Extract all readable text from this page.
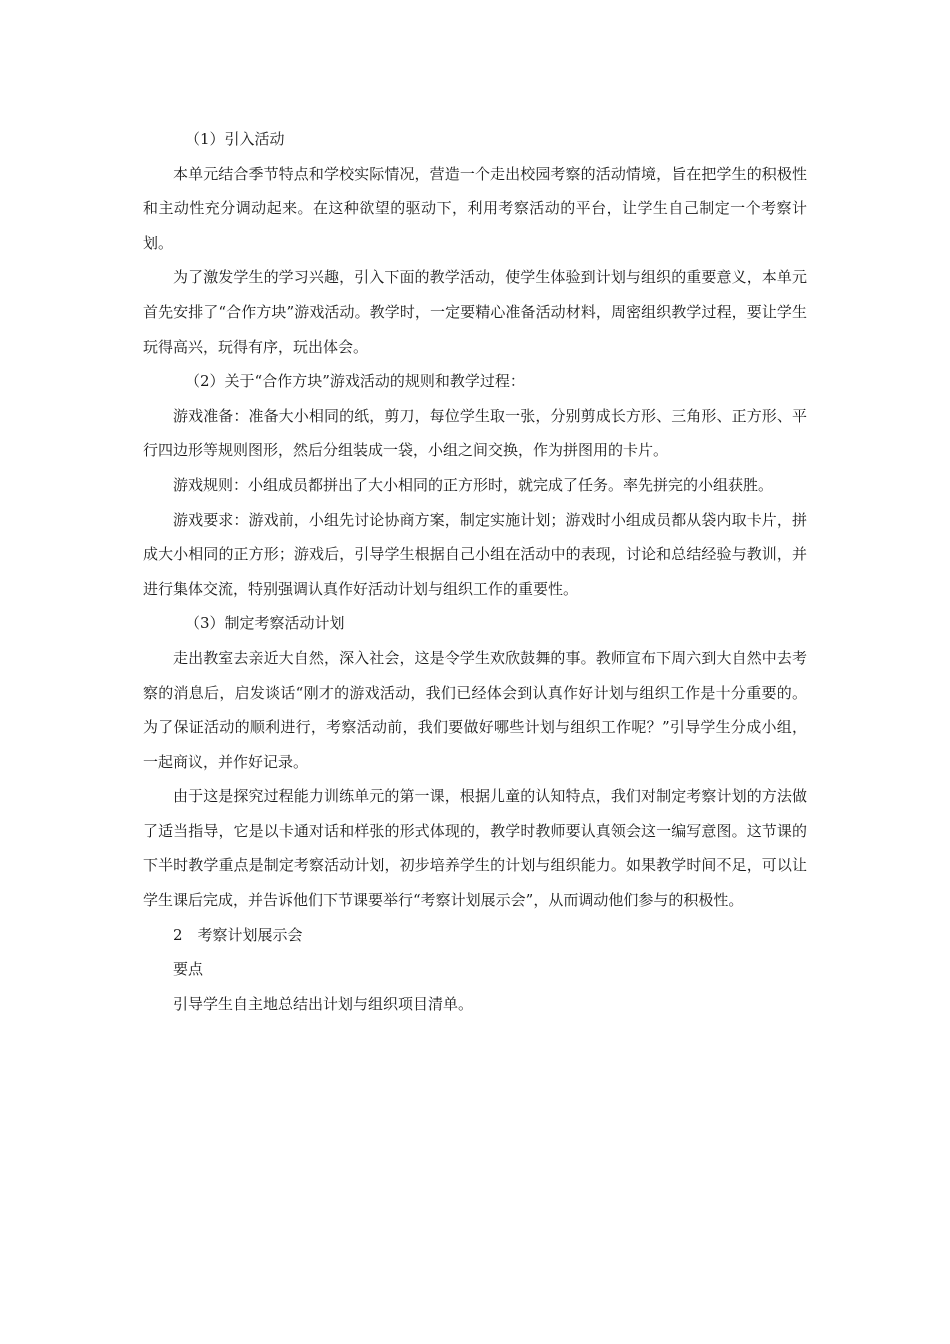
（1）引入活动

本单元结合季节特点和学校实际情况，营造一个走出校园考察的活动情境，旨在把学生的积极性和主动性充分调动起来。在这种欲望的驱动下，利用考察活动的平台，让学生自己制定一个考察计划。

为了激发学生的学习兴趣，引入下面的教学活动，使学生体验到计划与组织的重要意义，本单元首先安排了“合作方块”游戏活动。教学时，一定要精心准备活动材料，周密组织教学过程，要让学生玩得高兴，玩得有序，玩出体会。

（2）关于“合作方块”游戏活动的规则和教学过程：

游戏准备：准备大小相同的纸，剪刀，每位学生取一张，分别剪成长方形、三角形、正方形、平行四边形等规则图形，然后分组装成一袋，小组之间交换，作为拼图用的卡片。

游戏规则：小组成员都拼出了大小相同的正方形时，就完成了任务。率先拼完的小组获胜。

游戏要求：游戏前，小组先讨论协商方案，制定实施计划；游戏时小组成员都从袋内取卡片，拼成大小相同的正方形；游戏后，引导学生根据自己小组在活动中的表现，讨论和总结经验与教训，并进行集体交流，特别强调认真作好活动计划与组织工作的重要性。

（3）制定考察活动计划

走出教室去亲近大自然，深入社会，这是令学生欢欣鼓舞的事。教师宣布下周六到大自然中去考察的消息后，启发谈话“刚才的游戏活动，我们已经体会到认真作好计划与组织工作是十分重要的。为了保证活动的顺利进行，考察活动前，我们要做好哪些计划与组织工作呢？”引导学生分成小组，一起商议，并作好记录。

由于这是探究过程能力训练单元的第一课，根据儿童的认知特点，我们对制定考察计划的方法做了适当指导，它是以卡通对话和样张的形式体现的，教学时教师要认真领会这一编写意图。这节课的下半时教学重点是制定考察活动计划，初步培养学生的计划与组织能力。如果教学时间不足，可以让学生课后完成，并告诉他们下节课要举行“考察计划展示会”，从而调动他们参与的积极性。

2　考察计划展示会

要点

引导学生自主地总结出计划与组织项目清单。
